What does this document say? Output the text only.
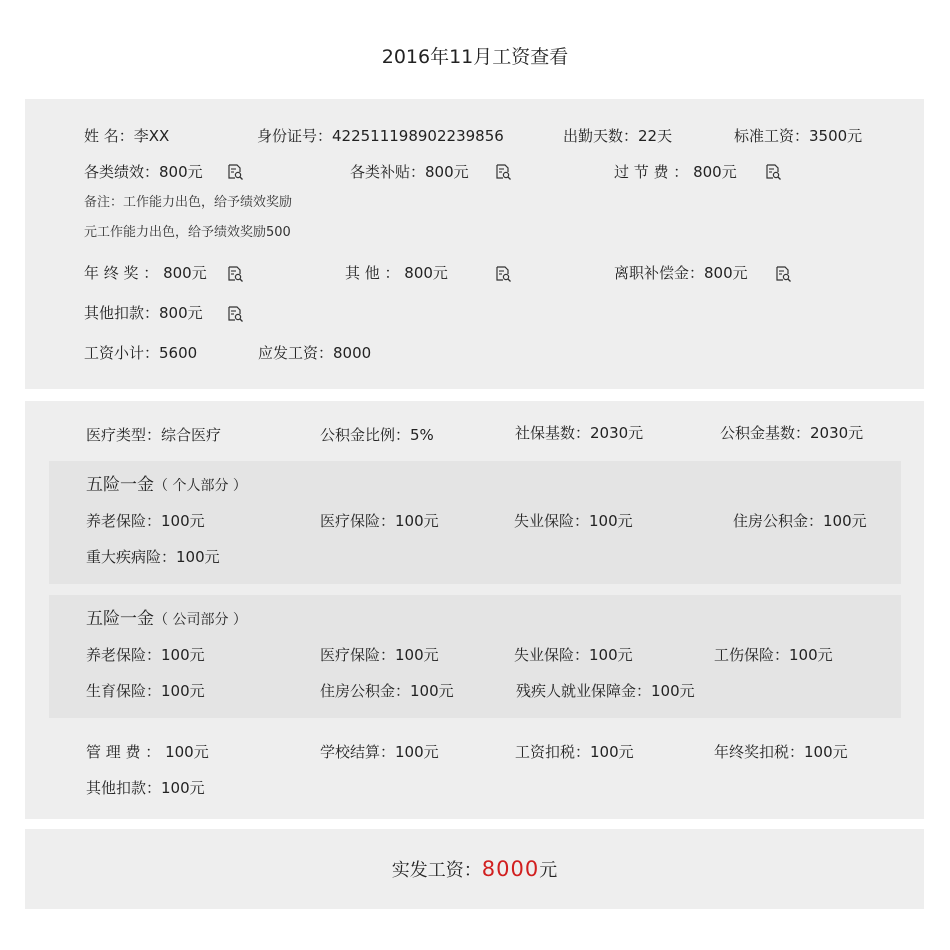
2016年11月工资查看
姓 名：李XX	身份证号：422511198902239856	出勤天数：22天	标准工资：3500元
各类绩效：800元	各类补贴：800元	过 节 费 ： 800元
备注：工作能力出色，给予绩效奖励
元工作能力出色，给予绩效奖励500
年 终 奖 ： 800元	其 他 ： 800元	离职补偿金：800元
其他扣款：800元
工资小计：5600	应发工资：8000
医疗类型：综合医疗	公积金比例：5%	社保基数：2030元	公积金基数：2030元
五险一金（ 个人部分 ）
养老保险：100元	医疗保险：100元	失业保险：100元	住房公积金：100元
重大疾病险：100元
五险一金（ 公司部分 ）
养老保险：100元	医疗保险：100元	失业保险：100元	工伤保险：100元
生育保险：100元	住房公积金：100元	残疾人就业保障金：100元
管 理 费 ： 100元	学校结算：100元	工资扣税：100元	年终奖扣税：100元
其他扣款：100元
实发工资：8000元
